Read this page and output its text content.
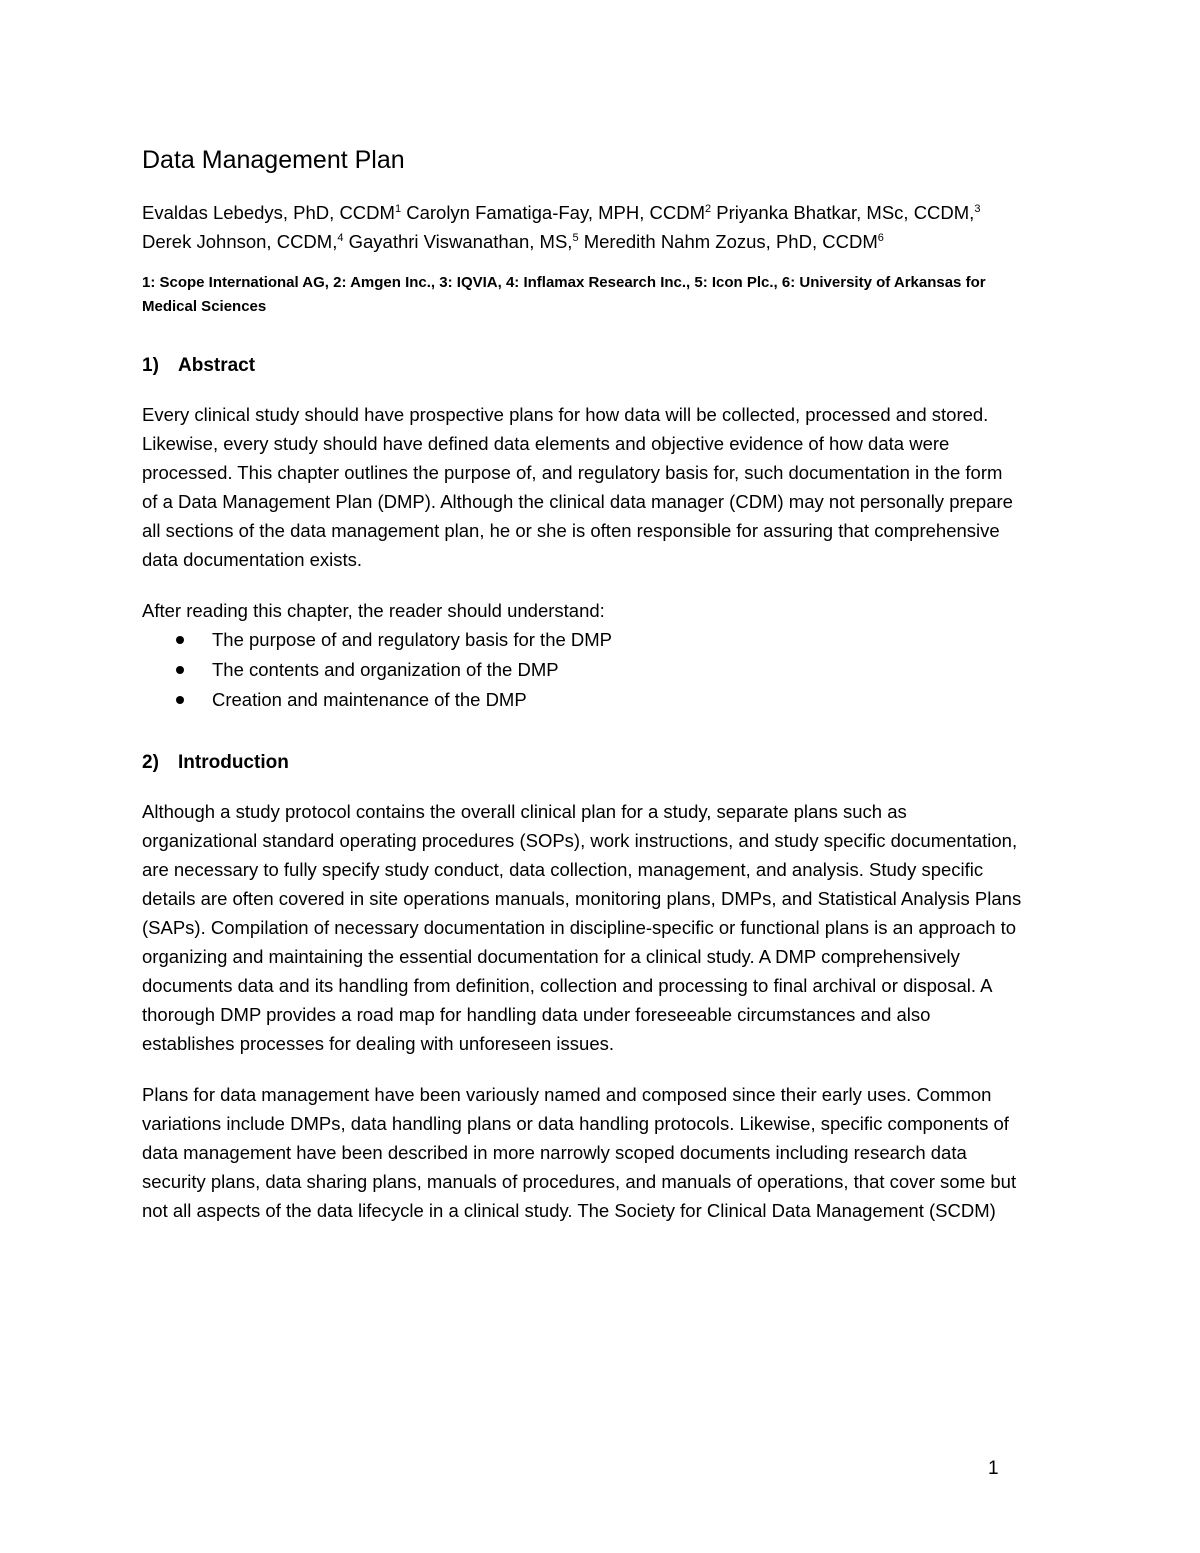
Data Management Plan

Evaldas Lebedys, PhD, CCDM$^1$ Carolyn Famatiga-Fay, MPH, CCDM$^2$ Priyanka Bhatkar, MSc, CCDM,$^3$ Derek Johnson, CCDM,$^4$ Gayathri Viswanathan, MS,$^5$ Meredith Nahm Zozus, PhD, CCDM$^6$

1: Scope International AG, 2: Amgen Inc., 3: IQVIA, 4: Inflamax Research Inc., 5: Icon Plc., 6: University of Arkansas for Medical Sciences

1)	Abstract

Every clinical study should have prospective plans for how data will be collected, processed and stored. Likewise, every study should have defined data elements and objective evidence of how data were processed. This chapter outlines the purpose of, and regulatory basis for, such documentation in the form of a Data Management Plan (DMP). Although the clinical data manager (CDM) may not personally prepare all sections of the data management plan, he or she is often responsible for assuring that comprehensive data documentation exists.

After reading this chapter, the reader should understand:

The purpose of and regulatory basis for the DMP
The contents and organization of the DMP
Creation and maintenance of the DMP
2)	Introduction

Although a study protocol contains the overall clinical plan for a study, separate plans such as organizational standard operating procedures (SOPs), work instructions, and study specific documentation, are necessary to fully specify study conduct, data collection, management, and analysis. Study specific details are often covered in site operations manuals, monitoring plans, DMPs, and Statistical Analysis Plans (SAPs). Compilation of necessary documentation in discipline-specific or functional plans is an approach to organizing and maintaining the essential documentation for a clinical study. A DMP comprehensively documents data and its handling from definition, collection and processing to final archival or disposal. A thorough DMP provides a road map for handling data under foreseeable circumstances and also establishes processes for dealing with unforeseen issues.

Plans for data management have been variously named and composed since their early uses. Common variations include DMPs, data handling plans or data handling protocols. Likewise, specific components of data management have been described in more narrowly scoped documents including research data security plans, data sharing plans, manuals of procedures, and manuals of operations, that cover some but not all aspects of the data lifecycle in a clinical study. The Society for Clinical Data Management (SCDM)

1
